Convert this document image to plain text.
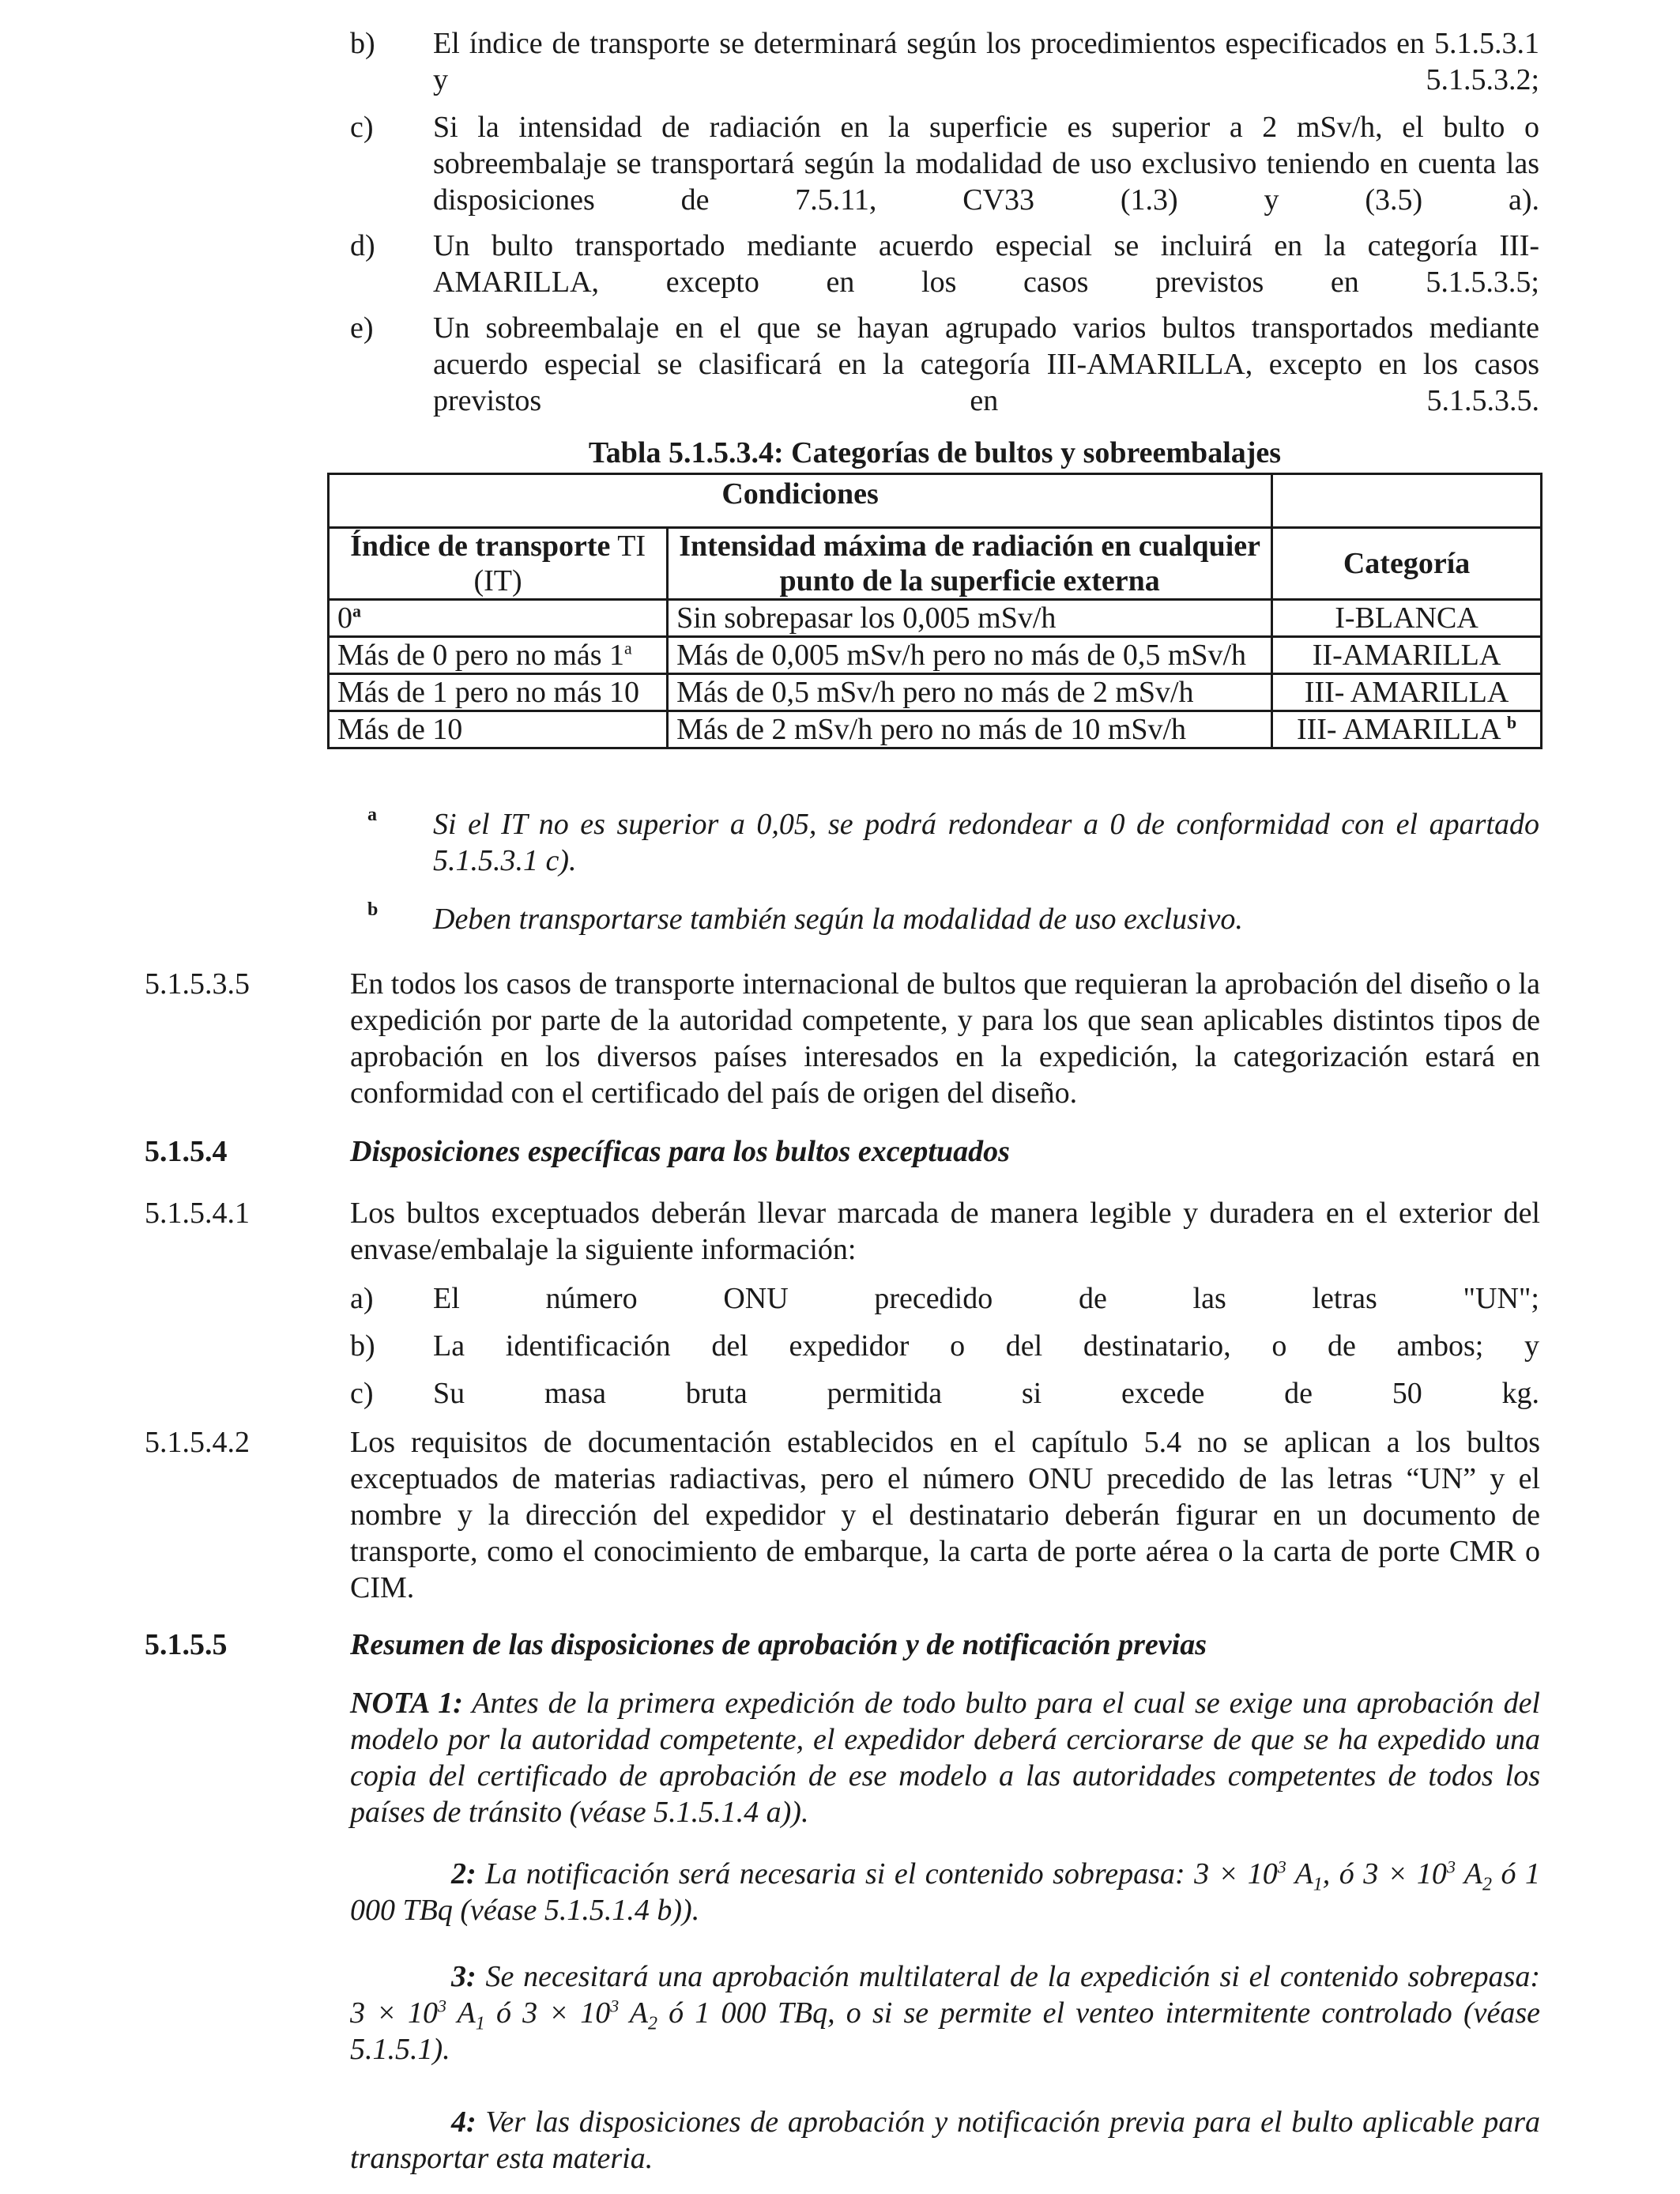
b) El índice de transporte se determinará según los procedimientos especificados en 5.1.5.3.1 y 5.1.5.3.2;
c) Si la intensidad de radiación en la superficie es superior a 2 mSv/h, el bulto o sobreembalaje se transportará según la modalidad de uso exclusivo teniendo en cuenta las disposiciones de 7.5.11, CV33 (1.3) y (3.5) a).
d) Un bulto transportado mediante acuerdo especial se incluirá en la categoría III-AMARILLA, excepto en los casos previstos en 5.1.5.3.5;
e) Un sobreembalaje en el que se hayan agrupado varios bultos transportados mediante acuerdo especial se clasificará en la categoría III-AMARILLA, excepto en los casos previstos en 5.1.5.3.5.
Tabla 5.1.5.3.4: Categorías de bultos y sobreembalajes
Condiciones		
Índice de transporte TI (IT)	Intensidad máxima de radiación en cualquier punto de la superficie externa	Categoría
0$^a$	Sin sobrepasar los 0,005 mSv/h	I-BLANCA
Más de 0 pero no más 1$^a$	Más de 0,005 mSv/h pero no más de 0,5 mSv/h	II-AMARILLA
Más de 1 pero no más 10	Más de 0,5 mSv/h pero no más de 2 mSv/h	III- AMARILLA
Más de 10	Más de 2 mSv/h pero no más de 10 mSv/h	III- AMARILLA $^b$
a Si el IT no es superior a 0,05, se podrá redondear a 0 de conformidad con el apartado 5.1.5.3.1 c).
b Deben transportarse también según la modalidad de uso exclusivo.
5.1.5.3.5	En todos los casos de transporte internacional de bultos que requieran la aprobación del diseño o la expedición por parte de la autoridad competente, y para los que sean aplicables distintos tipos de aprobación en los diversos países interesados en la expedición, la categorización estará en conformidad con el certificado del país de origen del diseño.
5.1.5.4	Disposiciones específicas para los bultos exceptuados
5.1.5.4.1	Los bultos exceptuados deberán llevar marcada de manera legible y duradera en el exterior del envase/embalaje la siguiente información:
a) El número ONU precedido de las letras "UN";
b) La identificación del expedidor o del destinatario, o de ambos; y
c) Su masa bruta permitida si excede de 50 kg.
5.1.5.4.2	Los requisitos de documentación establecidos en el capítulo 5.4 no se aplican a los bultos exceptuados de materias radiactivas, pero el número ONU precedido de las letras “UN” y el nombre y la dirección del expedidor y el destinatario deberán figurar en un documento de transporte, como el conocimiento de embarque, la carta de porte aérea o la carta de porte CMR o CIM.
5.1.5.5	Resumen de las disposiciones de aprobación y de notificación previas
NOTA 1: Antes de la primera expedición de todo bulto para el cual se exige una aprobación del modelo por la autoridad competente, el expedidor deberá cerciorarse de que se ha expedido una copia del certificado de aprobación de ese modelo a las autoridades competentes de todos los países de tránsito (véase 5.1.5.1.4 a)).
2: La notificación será necesaria si el contenido sobrepasa: $3 \times 10^3$ $A_1$, ó $3 \times 10^3$ $A_2$ ó 1 000 TBq (véase 5.1.5.1.4 b)).
3: Se necesitará una aprobación multilateral de la expedición si el contenido sobrepasa: $3 \times 10^3$ $A_1$ ó $3 \times 10^3$ $A_2$ ó 1 000 TBq, o si se permite el venteo intermitente controlado (véase 5.1.5.1).
4: Ver las disposiciones de aprobación y notificación previa para el bulto aplicable para transportar esta materia.
